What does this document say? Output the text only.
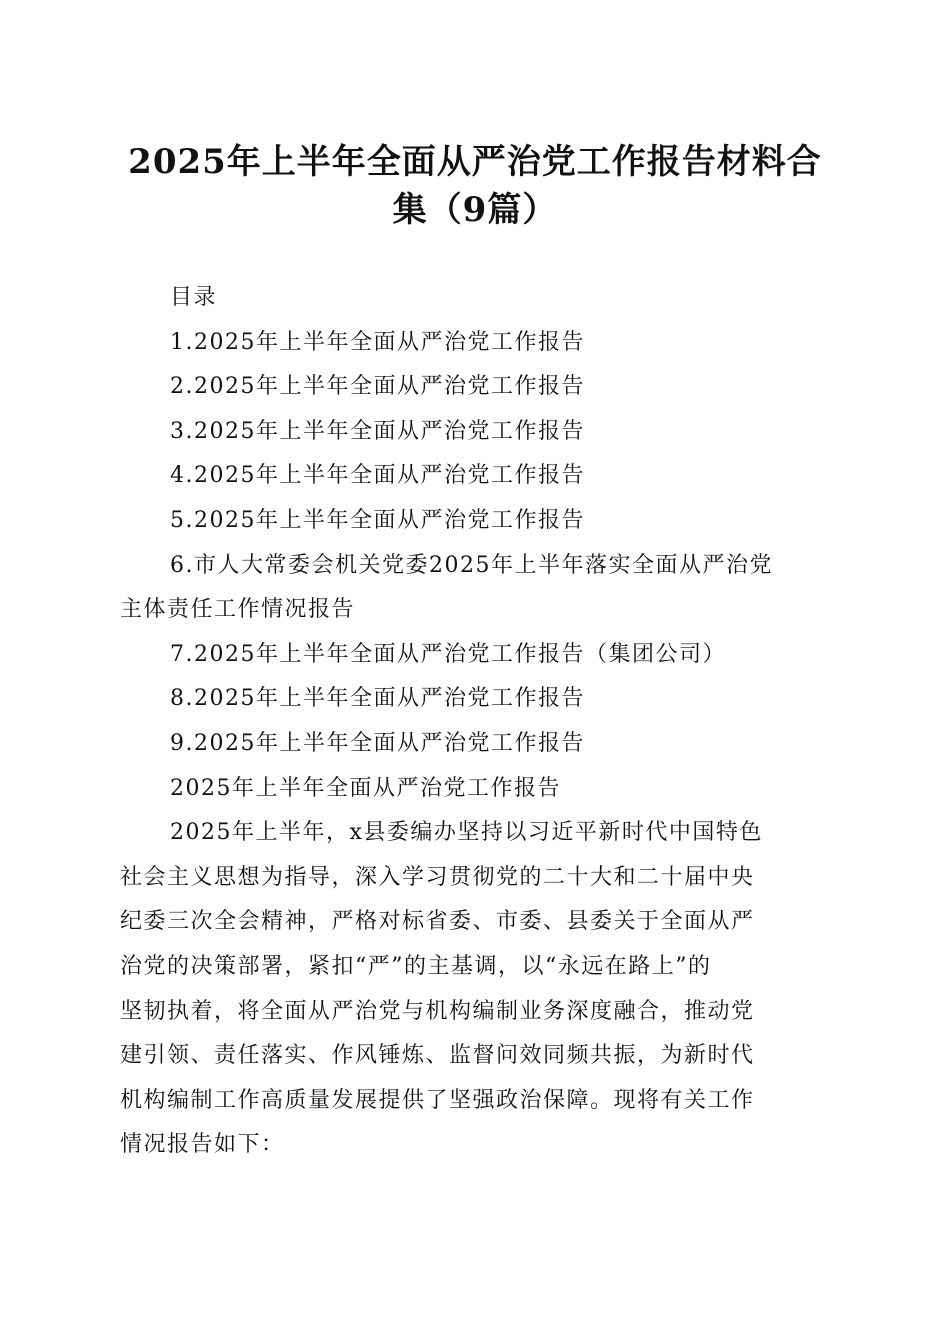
2025年上半年全面从严治党工作报告材料合
集（9篇）

目录

1.2025年上半年全面从严治党工作报告

2.2025年上半年全面从严治党工作报告

3.2025年上半年全面从严治党工作报告

4.2025年上半年全面从严治党工作报告

5.2025年上半年全面从严治党工作报告

6.市人大常委会机关党委2025年上半年落实全面从严治党

主体责任工作情况报告

7.2025年上半年全面从严治党工作报告（集团公司）

8.2025年上半年全面从严治党工作报告

9.2025年上半年全面从严治党工作报告

2025年上半年全面从严治党工作报告

2025年上半年，x县委编办坚持以习近平新时代中国特色

社会主义思想为指导，深入学习贯彻党的二十大和二十届中央

纪委三次全会精神，严格对标省委、市委、县委关于全面从严

治党的决策部署，紧扣“严”的主基调，以“永远在路上”的

坚韧执着，将全面从严治党与机构编制业务深度融合，推动党

建引领、责任落实、作风锤炼、监督问效同频共振，为新时代

机构编制工作高质量发展提供了坚强政治保障。现将有关工作

情况报告如下：
